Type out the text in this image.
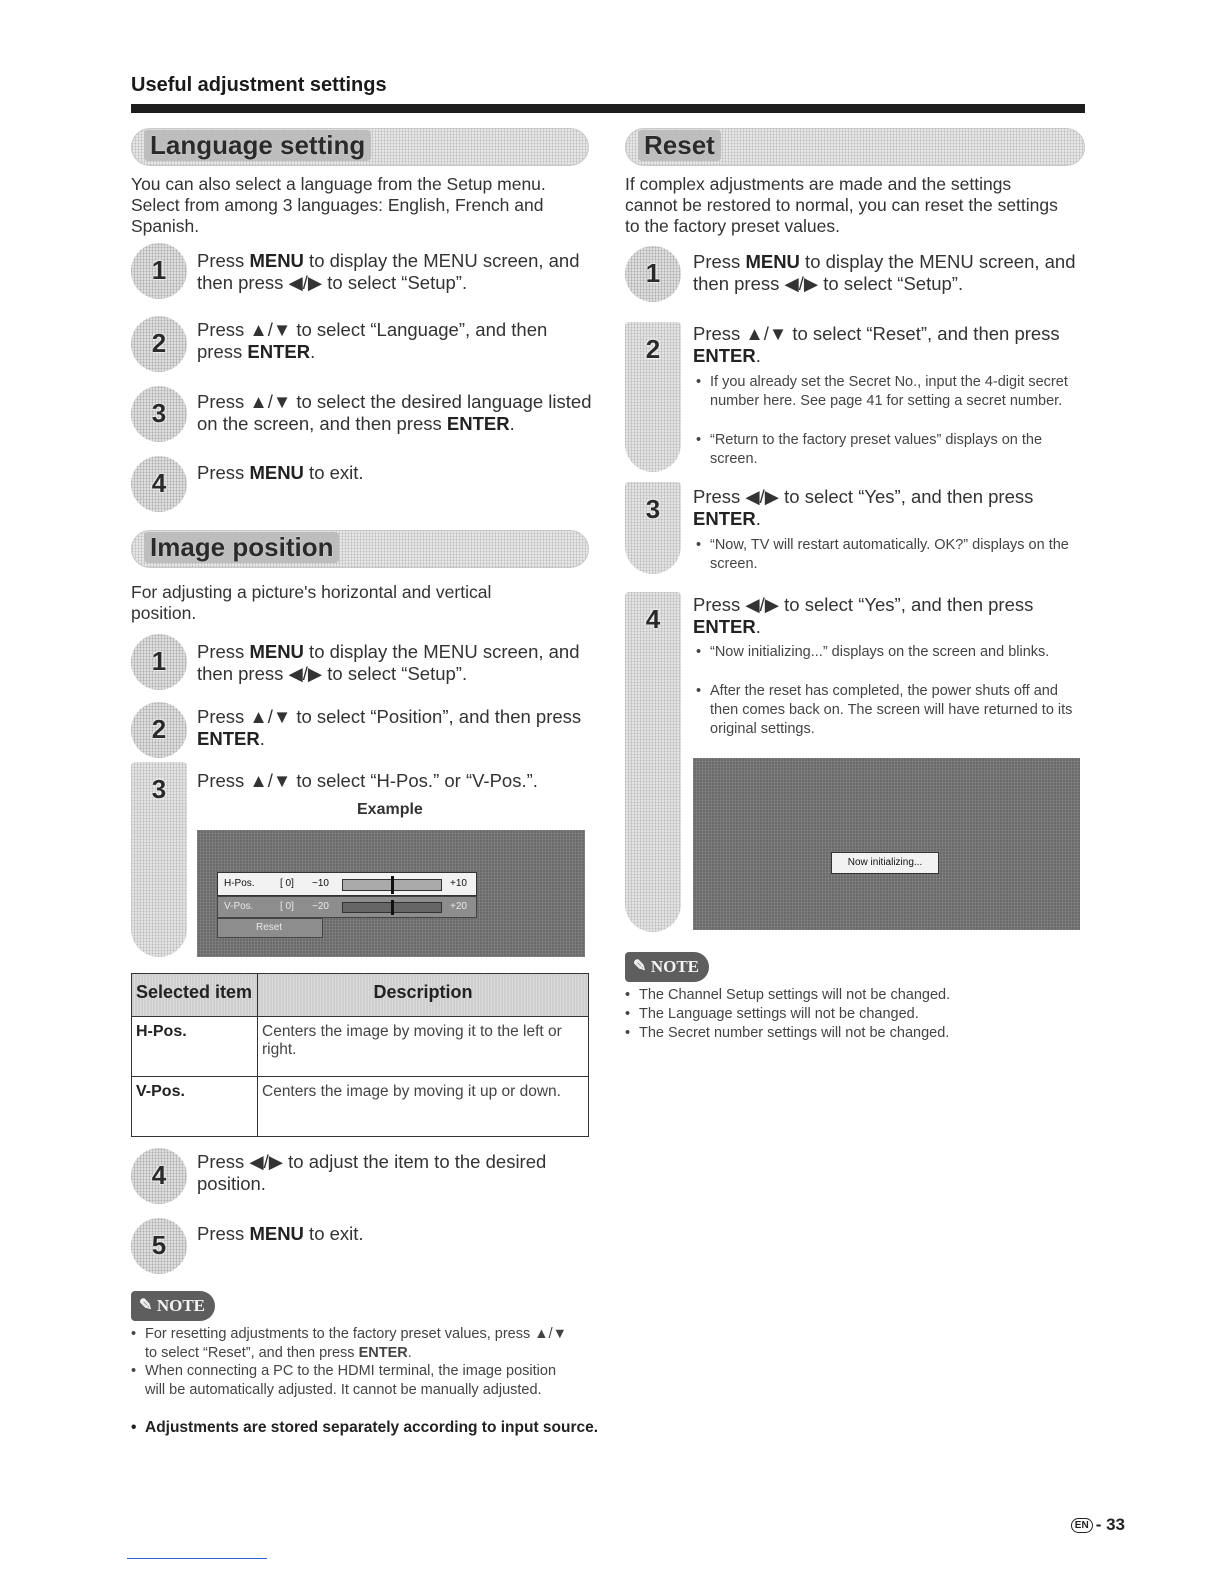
Useful adjustment settings
Language setting
You can also select a language from the Setup menu. Select from among 3 languages: English, French and Spanish.
1	Press MENU to display the MENU screen, and then press ◀/▶ to select “Setup”.
2	Press ▲/▼ to select “Language”, and then press ENTER.
3	Press ▲/▼ to select the desired language listed on the screen, and then press ENTER.
4	Press MENU to exit.
Image position
For adjusting a picture's horizontal and vertical position.
1	Press MENU to display the MENU screen, and then press ◀/▶ to select “Setup”.
2	Press ▲/▼ to select “Position”, and then press ENTER.
3	Press ▲/▼ to select “H-Pos.” or “V-Pos.”.
Example
H-Pos.	[ 0] −10	+10
V-Pos.	[ 0] −20	+20
Reset
Selected item	Description
H-Pos.	Centers the image by moving it to the left or right.
V-Pos.	Centers the image by moving it up or down.
4	Press ◀/▶ to adjust the item to the desired position.
5	Press MENU to exit.
✎ NOTE
• For resetting adjustments to the factory preset values, press ▲/▼ to select “Reset”, and then press ENTER.
• When connecting a PC to the HDMI terminal, the image position will be automatically adjusted. It cannot be manually adjusted.
• Adjustments are stored separately according to input source.
Reset
If complex adjustments are made and the settings cannot be restored to normal, you can reset the settings to the factory preset values.
1	Press MENU to display the MENU screen, and then press ◀/▶ to select “Setup”.
2
Press ▲/▼ to select “Reset”, and then press ENTER.
• If you already set the Secret No., input the 4-digit secret number here. See page 41 for setting a secret number.
• “Return to the factory preset values” displays on the screen.
3	Press ◀/▶ to select “Yes”, and then press ENTER.
• “Now, TV will restart automatically. OK?” displays on the screen.
4	Press ◀/▶ to select “Yes”, and then press ENTER.
• “Now initializing...” displays on the screen and blinks.
• After the reset has completed, the power shuts off and then comes back on. The screen will have returned to its original settings.
Now initializing...
✎ NOTE
• The Channel Setup settings will not be changed.
• The Language settings will not be changed.
• The Secret number settings will not be changed.
EN - 33
